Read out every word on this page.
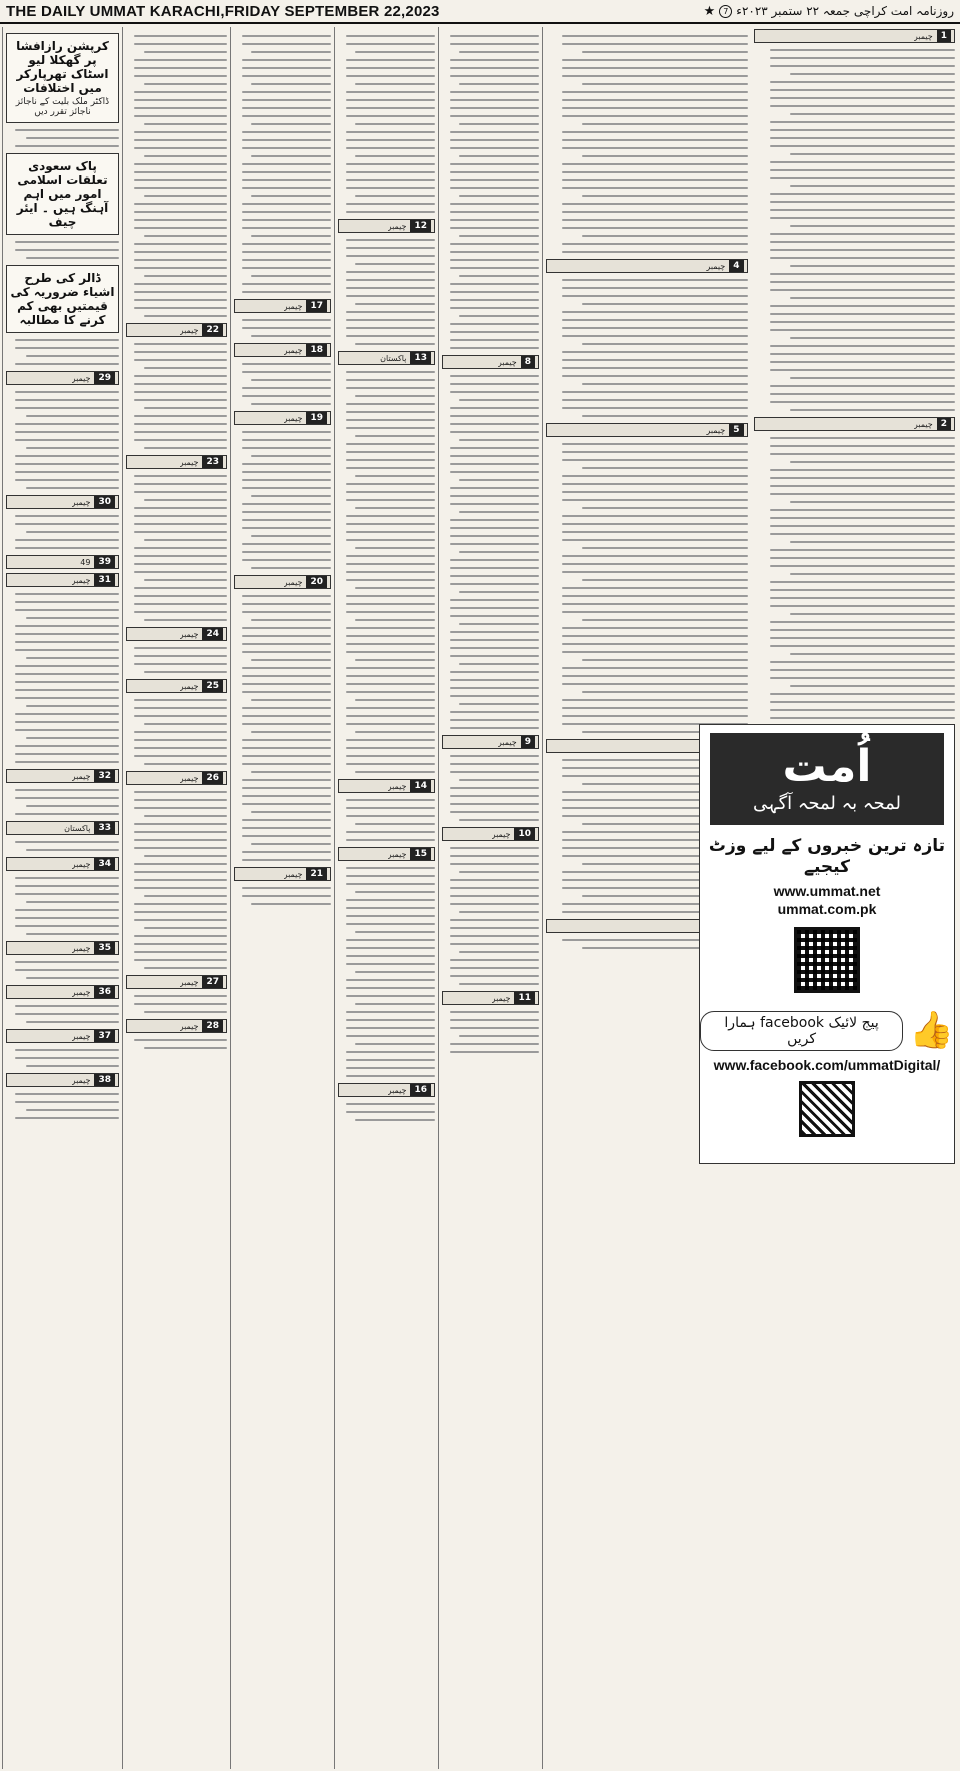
THE DAILY UMMAT KARACHI,FRIDAY SEPTEMBER 22,2023	روزنامہ امت کراچی جمعہ ۲۲ ستمبر ۲۰۲۳ء
7
★
کرپشن رازافشا پر گھکلا لیو اسٹاک تھرپارکر میں اختلافات
ڈاکٹر ملک بلیت کے ناجائز ناجائز تقرر دیں
پاک سعودی تعلقات اسلامی امور میں اہم آہنگ ہیں ۔ ایئر چیف
ڈالر کی طرح اشیاء ضروریہ کی قیمتیں بھی کم کرنے کا مطالبہ
29
چیمبر
30
چیمبر
39
49
31
چیمبر
32
چیمبر
33
پاکستان
34
چیمبر
35
چیمبر
36
چیمبر
37
چیمبر
38
چیمبر
22
چیمبر
23
چیمبر
24
چیمبر
25
چیمبر
26
چیمبر
27
چیمبر
28
چیمبر
17
چیمبر
18
چیمبر
19
چیمبر
20
چیمبر
21
چیمبر
12
چیمبر
13
پاکستان
14
چیمبر
15
چیمبر
16
چیمبر
8
چیمبر
9
چیمبر
10
چیمبر
11
چیمبر
1
چیمبر
2
چیمبر
4
چیمبر
5
چیمبر
اُمت
لمحہ بہ لمحہ آگہی
تازہ ترین خبروں کے لیے وزٹ کیجیے
www.ummat.net
ummat.com.pk
ہمارا facebook پیج لائیک کریں	👍
www.facebook.com/ummatDigital/
